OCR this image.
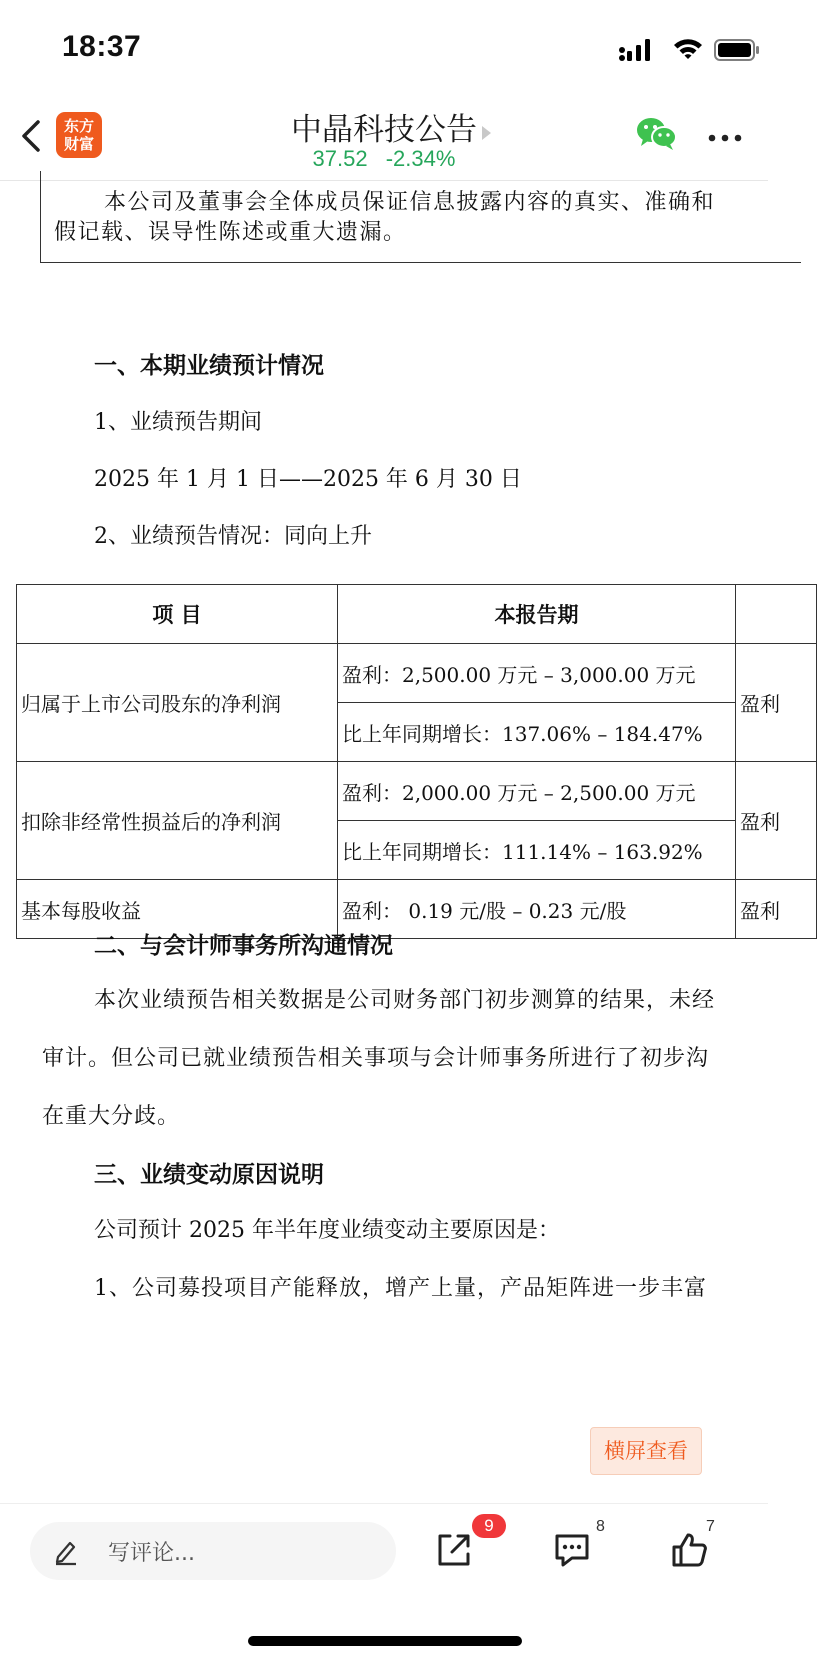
18:37
东方
财富	中晶科技公告
37.52 -2.34%
本公司及董事会全体成员保证信息披露内容的真实、准确和
假记载、误导性陈述或重大遗漏。
一、本期业绩预计情况
1、业绩预告期间
2025 年 1 月 1 日——2025 年 6 月 30 日
2、业绩预告情况：同向上升
项 目	本报告期	
归属于上市公司股东的净利润	盈利：2,500.00 万元 – 3,000.00 万元	盈利
	比上年同期增长：137.06% – 184.47%	
扣除非经常性损益后的净利润	盈利：2,000.00 万元 – 2,500.00 万元	盈利
	比上年同期增长：111.14% – 163.92%	
基本每股收益	盈利： 0.19 元/股 – 0.23 元/股	盈利
二、与会计师事务所沟通情况
本次业绩预告相关数据是公司财务部门初步测算的结果，未经
审计。但公司已就业绩预告相关事项与会计师事务所进行了初步沟
在重大分歧。
三、业绩变动原因说明
公司预计 2025 年半年度业绩变动主要原因是：
1、公司募投项目产能释放，增产上量，产品矩阵进一步丰富
横屏查看
写评论...
9	8	7
